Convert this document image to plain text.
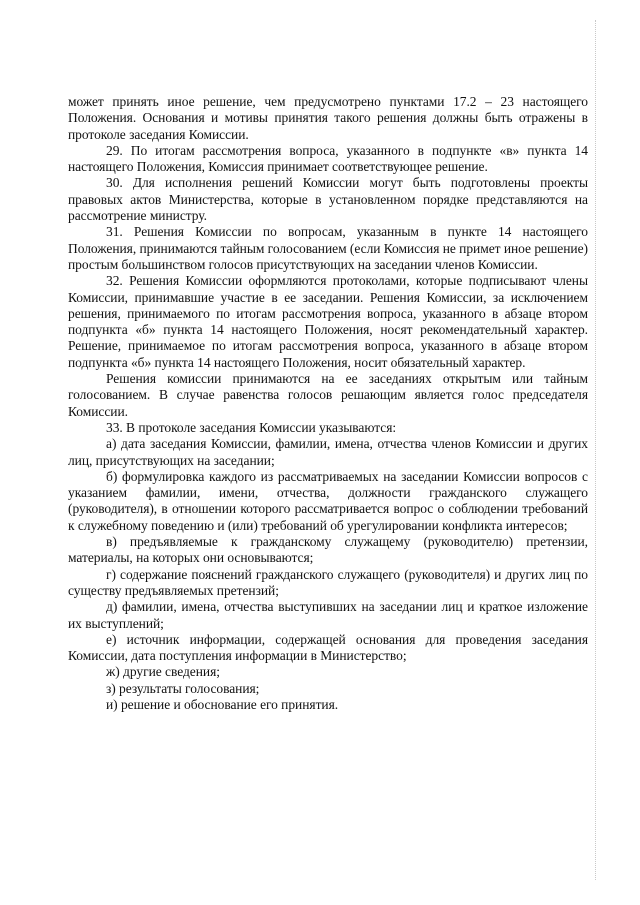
может принять иное решение, чем предусмотрено пунктами 17.2 – 23 настоящего Положения. Основания и мотивы принятия такого решения должны быть отражены в протоколе заседания Комиссии.

29. По итогам рассмотрения вопроса, указанного в подпункте «в» пункта 14 настоящего Положения, Комиссия принимает соответствующее решение.

30. Для исполнения решений Комиссии могут быть подготовлены проекты правовых актов Министерства, которые в установленном порядке представляются на рассмотрение министру.

31. Решения Комиссии по вопросам, указанным в пункте 14 настоящего Положения, принимаются тайным голосованием (если Комиссия не примет иное решение) простым большинством голосов присутствующих на заседании членов Комиссии.

32. Решения Комиссии оформляются протоколами, которые подписывают члены Комиссии, принимавшие участие в ее заседании. Решения Комиссии, за исключением решения, принимаемого по итогам рассмотрения вопроса, указанного в абзаце втором подпункта «б» пункта 14 настоящего Положения, носят рекомендательный характер. Решение, принимаемое по итогам рассмотрения вопроса, указанного в абзаце втором подпункта «б» пункта 14 настоящего Положения, носит обязательный характер.

Решения комиссии принимаются на ее заседаниях открытым или тайным голосованием. В случае равенства голосов решающим является голос председателя Комиссии.

33. В протоколе заседания Комиссии указываются:

а) дата заседания Комиссии, фамилии, имена, отчества членов Комиссии и других лиц, присутствующих на заседании;

б) формулировка каждого из рассматриваемых на заседании Комиссии вопросов с указанием фамилии, имени, отчества, должности гражданского служащего (руководителя), в отношении которого рассматривается вопрос о соблюдении требований к служебному поведению и (или) требований об урегулировании конфликта интересов;

в) предъявляемые к гражданскому служащему (руководителю) претензии, материалы, на которых они основываются;

г) содержание пояснений гражданского служащего (руководителя) и других лиц по существу предъявляемых претензий;

д) фамилии, имена, отчества выступивших на заседании лиц и краткое изложение их выступлений;

е) источник информации, содержащей основания для проведения заседания Комиссии, дата поступления информации в Министерство;

ж) другие сведения;

з) результаты голосования;

и) решение и обоснование его принятия.
